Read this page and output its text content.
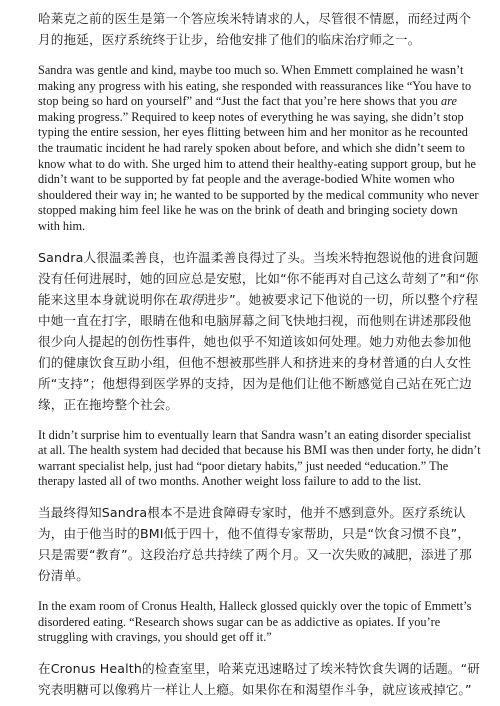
哈莱克之前的医生是第一个答应埃米特请求的人，尽管很不情愿，而经过两个月的拖延，医疗系统终于让步，给他安排了他们的临床治疗师之一。

Sandra was gentle and kind, maybe too much so. When Emmett complained he wasn’t making any progress with his eating, she responded with reassurances like “You have to stop being so hard on yourself” and “Just the fact that you’re here shows that you are making progress.” Required to keep notes of everything he was saying, she didn’t stop typing the entire session, her eyes flitting between him and her monitor as he recounted the traumatic incident he had rarely spoken about before, and which she didn’t seem to know what to do with. She urged him to attend their healthy-eating support group, but he didn’t want to be supported by fat people and the average-bodied White women who shouldered their way in; he wanted to be supported by the medical community who never stopped making him feel like he was on the brink of death and bringing society down with him.

Sandra人很温柔善良，也许温柔善良得过了头。当埃米特抱怨说他的进食问题没有任何进展时，她的回应总是安慰，比如“你不能再对自己这么苛刻了”和“你能来这里本身就说明你在取得进步”。她被要求记下他说的一切，所以整个疗程中她一直在打字，眼睛在他和电脑屏幕之间飞快地扫视，而他则在讲述那段他很少向人提起的创伤性事件，她也似乎不知道该如何处理。她力劝他去参加他们的健康饮食互助小组，但他不想被那些胖人和挤进来的身材普通的白人女性所“支持”；他想得到医学界的支持，因为是他们让他不断感觉自己站在死亡边缘，正在拖垮整个社会。

It didn’t surprise him to eventually learn that Sandra wasn’t an eating disorder specialist at all. The health system had decided that because his BMI was then under forty, he didn’t warrant specialist help, just had “poor dietary habits,” just needed “education.” The therapy lasted all of two months. Another weight loss failure to add to the list.

当最终得知Sandra根本不是进食障碍专家时，他并不感到意外。医疗系统认为，由于他当时的BMI低于四十，他不值得专家帮助，只是“饮食习惯不良”，只是需要“教育”。这段治疗总共持续了两个月。又一次失败的减肥，添进了那份清单。

In the exam room of Cronus Health, Halleck glossed quickly over the topic of Emmett’s disordered eating. “Research shows sugar can be as addictive as opiates. If you’re struggling with cravings, you should get off it.”

在Cronus Health的检查室里，哈莱克迅速略过了埃米特饮食失调的话题。“研究表明糖可以像鸦片一样让人上瘾。如果你在和渴望作斗争，就应该戒掉它。”
